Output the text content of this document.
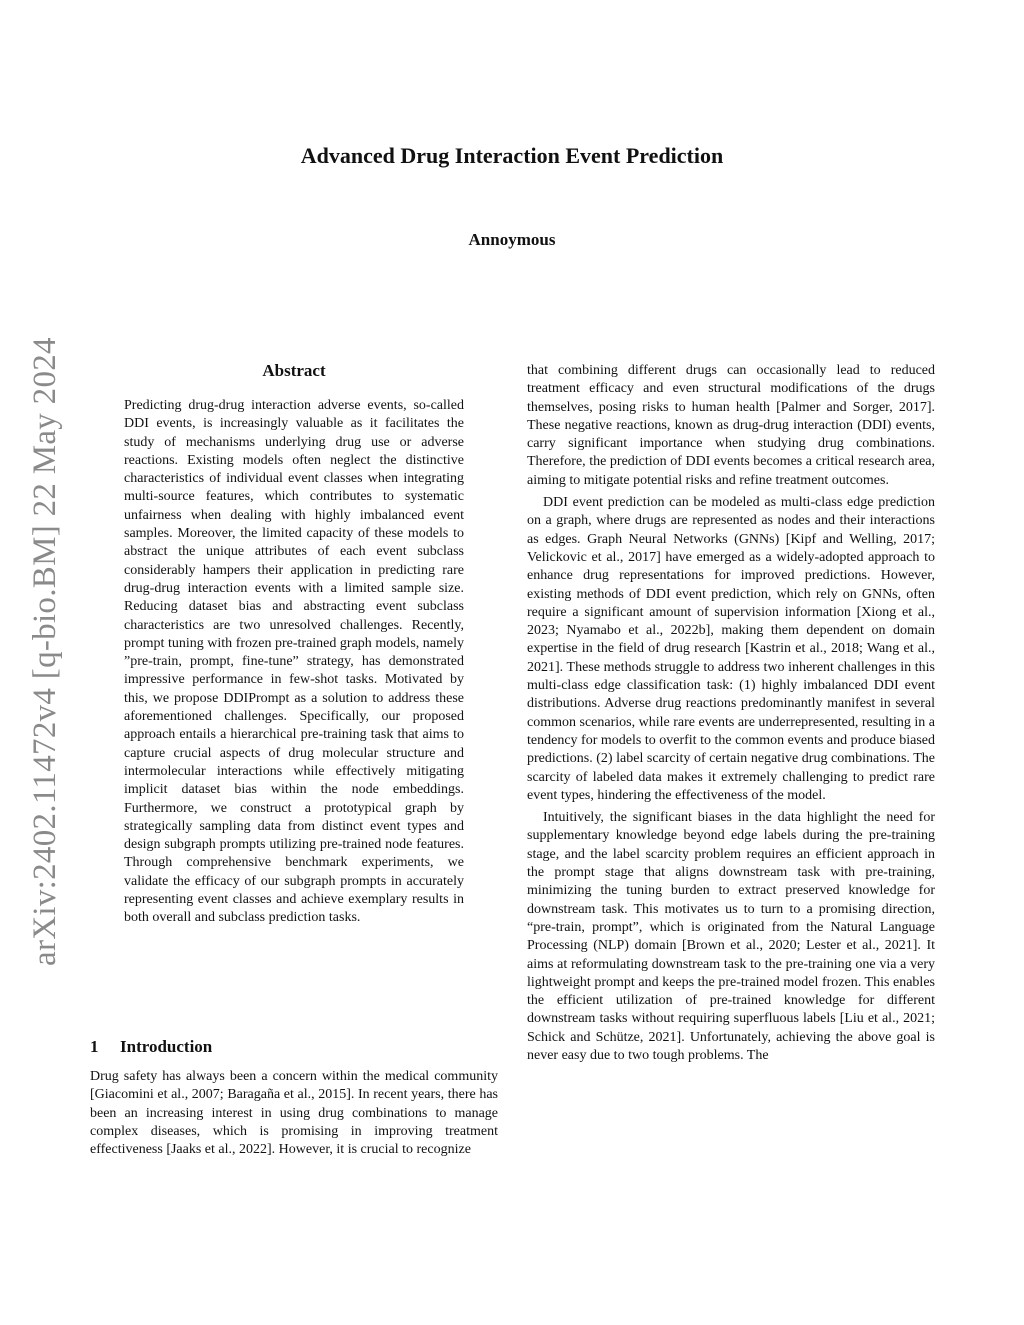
Advanced Drug Interaction Event Prediction
Annoymous
arXiv:2402.11472v4 [q-bio.BM] 22 May 2024	Abstract

Predicting drug-drug interaction adverse events, so-called DDI events, is increasingly valuable as it facilitates the study of mechanisms underlying drug use or adverse reactions. Existing models often neglect the distinctive characteristics of individual event classes when integrating multi-source features, which contributes to systematic unfairness when dealing with highly imbalanced event samples. Moreover, the limited capacity of these models to abstract the unique attributes of each event subclass considerably hampers their application in predicting rare drug-drug interaction events with a limited sample size. Reducing dataset bias and abstracting event subclass characteristics are two unresolved challenges. Recently, prompt tuning with frozen pre-trained graph models, namely ”pre-train, prompt, fine-tune” strategy, has demonstrated impressive performance in few-shot tasks. Motivated by this, we propose DDIPrompt as a solution to address these aforementioned challenges. Specifically, our proposed approach entails a hierarchical pre-training task that aims to capture crucial aspects of drug molecular structure and intermolecular interactions while effectively mitigating implicit dataset bias within the node embeddings. Furthermore, we construct a prototypical graph by strategically sampling data from distinct event types and design subgraph prompts utilizing pre-trained node features. Through comprehensive benchmark experiments, we validate the efficacy of our subgraph prompts in accurately representing event classes and achieve exemplary results in both overall and subclass prediction tasks.

1 Introduction

Drug safety has always been a concern within the medical community [Giacomini et al., 2007; Baragaña et al., 2015]. In recent years, there has been an increasing interest in using drug combinations to manage complex diseases, which is promising in improving treatment effectiveness [Jaaks et al., 2022]. However, it is crucial to recognize

that combining different drugs can occasionally lead to reduced treatment efficacy and even structural modifications of the drugs themselves, posing risks to human health [Palmer and Sorger, 2017]. These negative reactions, known as drug-drug interaction (DDI) events, carry significant importance when studying drug combinations. Therefore, the prediction of DDI events becomes a critical research area, aiming to mitigate potential risks and refine treatment outcomes.

DDI event prediction can be modeled as multi-class edge prediction on a graph, where drugs are represented as nodes and their interactions as edges. Graph Neural Networks (GNNs) [Kipf and Welling, 2017; Velickovic et al., 2017] have emerged as a widely-adopted approach to enhance drug representations for improved predictions. However, existing methods of DDI event prediction, which rely on GNNs, often require a significant amount of supervision information [Xiong et al., 2023; Nyamabo et al., 2022b], making them dependent on domain expertise in the field of drug research [Kastrin et al., 2018; Wang et al., 2021]. These methods struggle to address two inherent challenges in this multi-class edge classification task: (1) highly imbalanced DDI event distributions. Adverse drug reactions predominantly manifest in several common scenarios, while rare events are underrepresented, resulting in a tendency for models to overfit to the common events and produce biased predictions. (2) label scarcity of certain negative drug combinations. The scarcity of labeled data makes it extremely challenging to predict rare event types, hindering the effectiveness of the model.

Intuitively, the significant biases in the data highlight the need for supplementary knowledge beyond edge labels during the pre-training stage, and the label scarcity problem requires an efficient approach in the prompt stage that aligns downstream task with pre-training, minimizing the tuning burden to extract preserved knowledge for downstream task. This motivates us to turn to a promising direction, “pre-train, prompt”, which is originated from the Natural Language Processing (NLP) domain [Brown et al., 2020; Lester et al., 2021]. It aims at reformulating downstream task to the pre-training one via a very lightweight prompt and keeps the pre-trained model frozen. This enables the efficient utilization of pre-trained knowledge for different downstream tasks without requiring superfluous labels [Liu et al., 2021; Schick and Schütze, 2021]. Unfortunately, achieving the above goal is never easy due to two tough problems. The
